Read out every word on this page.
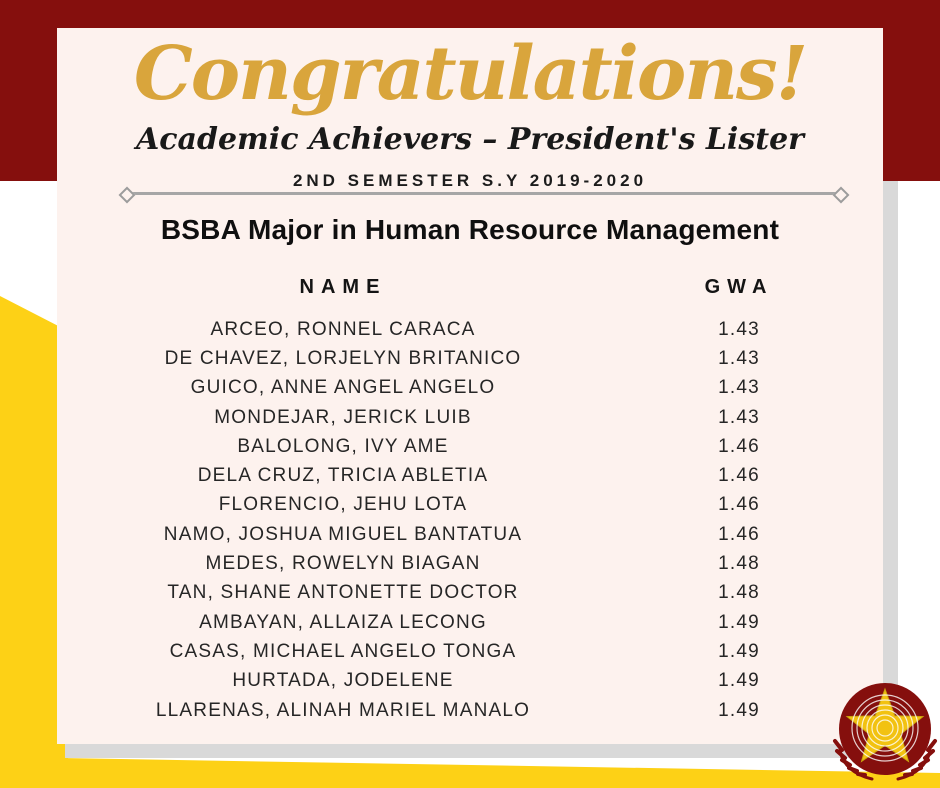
Congratulations!
Academic Achievers – President's Lister
2ND SEMESTER S.Y 2019-2020
BSBA Major in Human Resource Management
NAME	GWA
ARCEO, RONNEL CARACA	1.43
DE CHAVEZ, LORJELYN BRITANICO	1.43
GUICO, ANNE ANGEL ANGELO	1.43
MONDEJAR, JERICK LUIB	1.43
BALOLONG, IVY AME	1.46
DELA CRUZ, TRICIA ABLETIA	1.46
FLORENCIO, JEHU LOTA	1.46
NAMO, JOSHUA MIGUEL BANTATUA	1.46
MEDES, ROWELYN BIAGAN	1.48
TAN, SHANE ANTONETTE DOCTOR	1.48
AMBAYAN, ALLAIZA LECONG	1.49
CASAS, MICHAEL ANGELO TONGA	1.49
HURTADA, JODELENE	1.49
LLARENAS, ALINAH MARIEL MANALO	1.49
